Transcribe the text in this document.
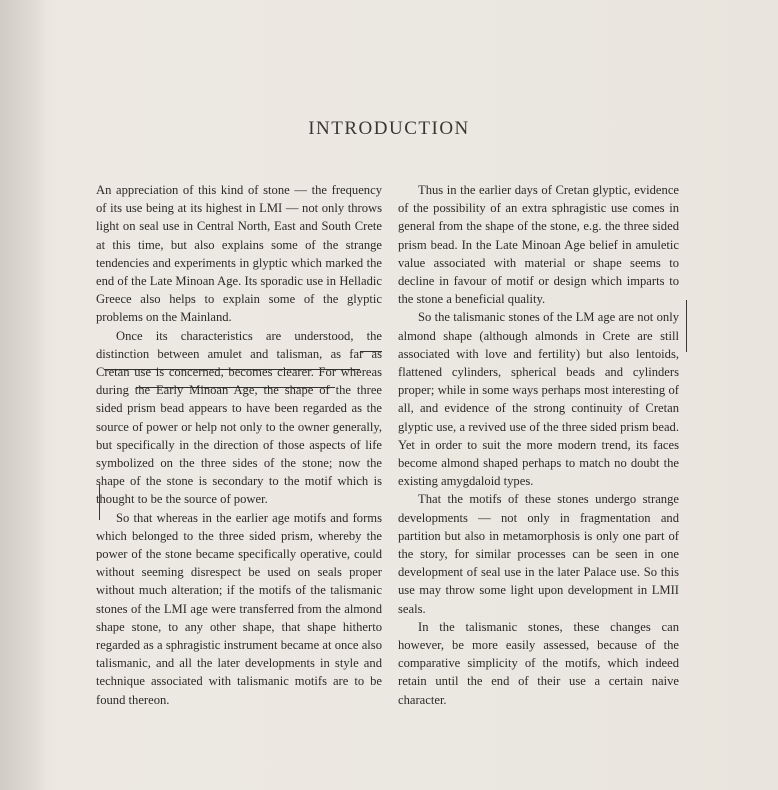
INTRODUCTION

An appreciation of this kind of stone — the frequency of its use being at its highest in LMI — not only throws light on seal use in Central North, East and South Crete at this time, but also explains some of the strange tendencies and experiments in glyptic which marked the end of the Late Minoan Age. Its sporadic use in Helladic Greece also helps to explain some of the glyptic problems on the Mainland.

Once its characteristics are understood, the distinction between amulet and talisman, as far as Cretan use is concerned, becomes clearer. For whereas during the Early Minoan Age, the shape of the three sided prism bead appears to have been regarded as the source of power or help not only to the owner generally, but specifically in the direction of those aspects of life symbolized on the three sides of the stone; now the shape of the stone is secondary to the motif which is thought to be the source of power.

So that whereas in the earlier age motifs and forms which belonged to the three sided prism, whereby the power of the stone became specifically operative, could without seeming disrespect be used on seals proper without much alteration; if the motifs of the talismanic stones of the LMI age were transferred from the almond shape stone, to any other shape, that shape hitherto regarded as a sphragistic instrument became at once also talismanic, and all the later developments in style and technique associated with talismanic motifs are to be found thereon.

Thus in the earlier days of Cretan glyptic, evidence of the possibility of an extra sphragistic use comes in general from the shape of the stone, e.g. the three sided prism bead. In the Late Minoan Age belief in amuletic value associated with material or shape seems to decline in favour of motif or design which imparts to the stone a beneficial quality.

So the talismanic stones of the LM age are not only almond shape (although almonds in Crete are still associated with love and fertility) but also lentoids, flattened cylinders, spherical beads and cylinders proper; while in some ways perhaps most interesting of all, and evidence of the strong continuity of Cretan glyptic use, a revived use of the three sided prism bead. Yet in order to suit the more modern trend, its faces become almond shaped perhaps to match no doubt the existing amygdaloid types.

That the motifs of these stones undergo strange developments — not only in fragmentation and partition but also in metamorphosis is only one part of the story, for similar processes can be seen in one development of seal use in the later Palace use. So this use may throw some light upon development in LMII seals.

In the talismanic stones, these changes can however, be more easily assessed, because of the comparative simplicity of the motifs, which indeed retain until the end of their use a certain naive character.
